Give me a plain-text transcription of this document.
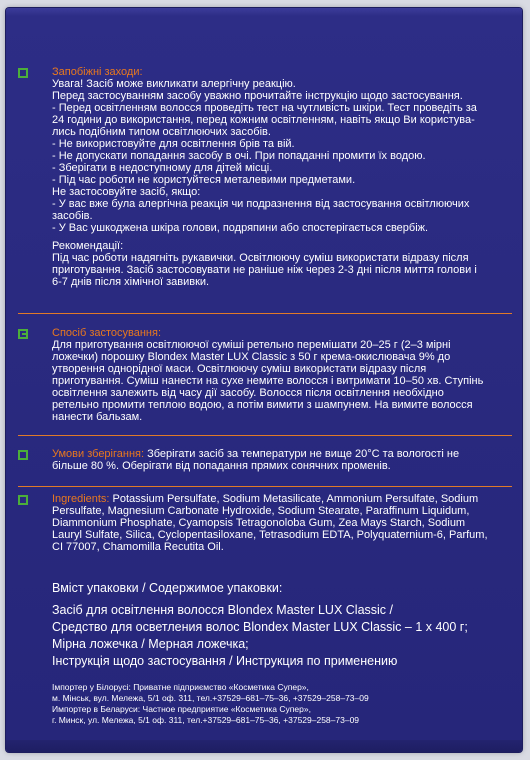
Запобіжні заходи:
Увага! Засіб може викликати алергічну реакцію.
Перед застосуванням засобу уважно прочитайте інструкцію щодо застосування.
- Перед освітленням волосся проведіть тест на чутливість шкіри. Тест проведіть за
24 години до використання, перед кожним освітленням, навіть якщо Ви користува-
лись подібним типом освітлюючих засобів.
- Не використовуйте для освітлення брів та вій.
- Не допускати попадання засобу в очі. При попаданні промити їх водою.
- Зберігати в недоступному для дітей місці.
- Під час роботи не користуйтеся металевими предметами.
Не застосовуйте засіб, якщо:
- У вас вже була алергічна реакція чи подразнення від застосування освітлюючих
засобів.
- У Вас ушкоджена шкіра голови, подряпини або спостерігається свербіж.
Рекомендації:
Під час роботи надягніть рукавички. Освітлюючу суміш використати відразу після
приготування. Засіб застосовувати не раніше ніж через 2-3 дні після миття голови і
6-7 днів після хімічної завивки.
Спосіб застосування:
Для приготування освітлюючої суміші ретельно перемішати 20–25 г (2–3 мірні
ложечки) порошку Blondex Master LUX Classic з 50 г крема-окислювача 9% до
утворення однорідної маси. Освітлюючу суміш використати відразу після
приготування. Суміш нанести на сухе немите волосся і витримати 10–50 хв. Ступінь
освітлення залежить від часу дії засобу. Волосся після освітлення необхідно
ретельно промити теплою водою, а потім вимити з шампунем. На вимите волосся
нанести бальзам.
Умови зберігання: Зберігати засіб за температури не вище 20°С та вологості не
більше 80 %. Оберігати від попадання прямих сонячних променів.
Ingredients: Potassium Persulfate, Sodium Metasilicate, Ammonium Persulfate, Sodium
Persulfate, Magnesium Carbonate Hydroxide, Sodium Stearate, Paraffinum Liquidum,
Diammonium Phosphate, Cyamopsis Tetragonoloba Gum, Zea Mays Starch, Sodium
Lauryl Sulfate, Silica, Cyclopentasiloxane, Tetrasodium EDTA, Polyquaternium-6, Parfum,
CI 77007, Chamomilla Recutita Oil.
Вміст упаковки / Содержимое упаковки:
Засіб для освітлення волосся Blondex Master LUX Classic /
Средство для осветления волос Blondex Master LUX Classic – 1 х 400 г;
Мірна ложечка / Мерная ложечка;
Інструкція щодо застосування / Инструкция по применению
Імпортер у Білорусі: Приватне підприємство «Косметика Супер»,
м. Мінськ, вул. Мележа, 5/1 оф. 311, тел.+37529–681–75–36, +37529–258–73–09
Импортер в Беларуси: Частное предприятие «Косметика Супер»,
г. Минск, ул. Мележа, 5/1 оф. 311, тел.+37529–681–75–36, +37529–258–73–09
